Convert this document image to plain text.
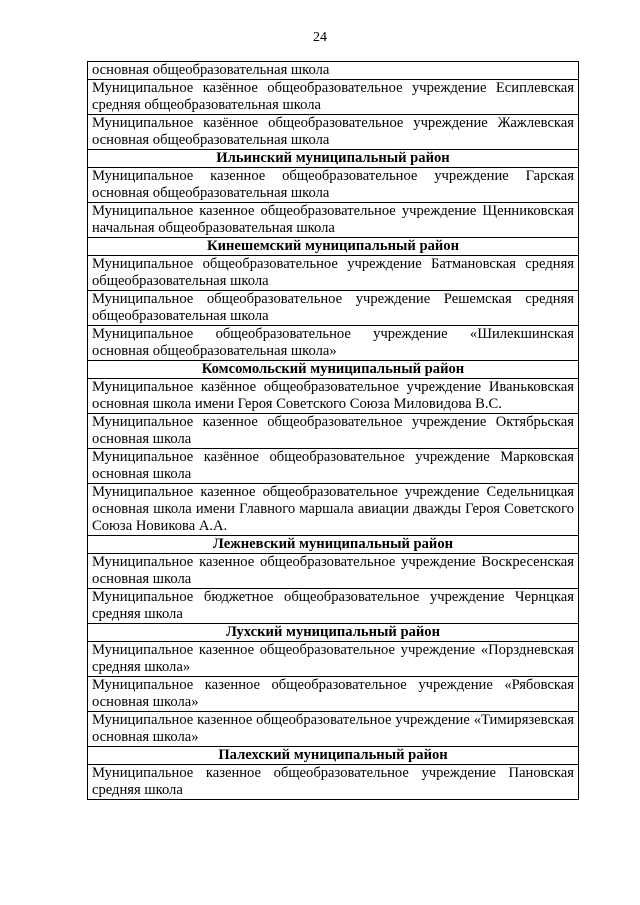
24
основная общеобразовательная школа
Муниципальное казённое общеобразовательное учреждение Есиплевская средняя общеобразовательная школа
Муниципальное казённое общеобразовательное учреждение Жажлевская основная общеобразовательная школа
Ильинский муниципальный район
Муниципальное казенное общеобразовательное учреждение Гарская основная общеобразовательная школа
Муниципальное казенное общеобразовательное учреждение Щенниковская начальная общеобразовательная школа
Кинешемский муниципальный район
Муниципальное общеобразовательное учреждение Батмановская средняя общеобразовательная школа
Муниципальное общеобразовательное учреждение Решемская средняя общеобразовательная школа
Муниципальное общеобразовательное учреждение «Шилекшинская основная общеобразовательная школа»
Комсомольский муниципальный район
Муниципальное казённое общеобразовательное учреждение Иваньковская основная школа имени Героя Советского Союза Миловидова В.С.
Муниципальное казенное общеобразовательное учреждение Октябрьская основная школа
Муниципальное казённое общеобразовательное учреждение Марковская основная школа
Муниципальное казенное общеобразовательное учреждение Седельницкая основная школа имени Главного маршала авиации дважды Героя Советского Союза Новикова А.А.
Лежневский муниципальный район
Муниципальное казенное общеобразовательное учреждение Воскресенская основная школа
Муниципальное бюджетное общеобразовательное учреждение Чернцкая средняя школа
Лухский муниципальный район
Муниципальное казенное общеобразовательное учреждение «Порздневская средняя школа»
Муниципальное казенное общеобразовательное учреждение «Рябовская основная школа»
Муниципальное казенное общеобразовательное учреждение «Тимирязевская основная школа»
Палехский муниципальный район
Муниципальное казенное общеобразовательное учреждение Пановская средняя школа
